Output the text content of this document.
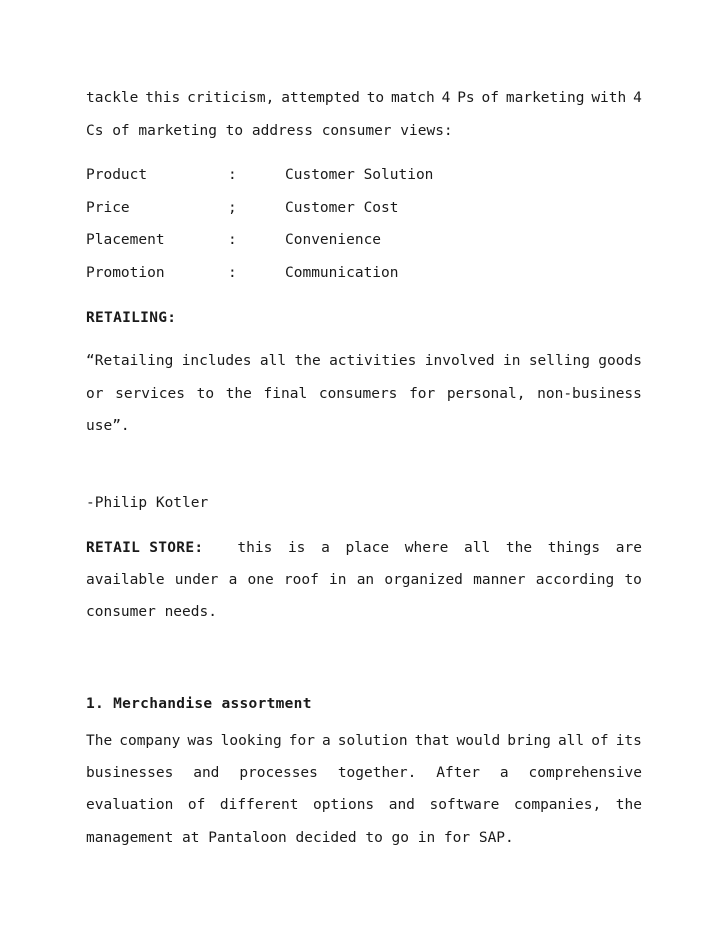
tackle this criticism, attempted to match 4 Ps of marketing with 4
Cs of marketing to address consumer views:
Product	:	Customer Solution
Price	;	Customer Cost
Placement	:	Convenience
Promotion	:	Communication
RETAILING:
“Retailing includes all the activities involved in selling goods
or services to the final consumers for personal, non-business
use”.
-Philip Kotler
RETAIL STORE: this is a place where all the things are
available under a one roof in an organized manner according to
consumer needs.
1. Merchandise assortment
The company was looking for a solution that would bring all of its
businesses and processes together. After a comprehensive
evaluation of different options and software companies, the
management at Pantaloon decided to go in for SAP.
